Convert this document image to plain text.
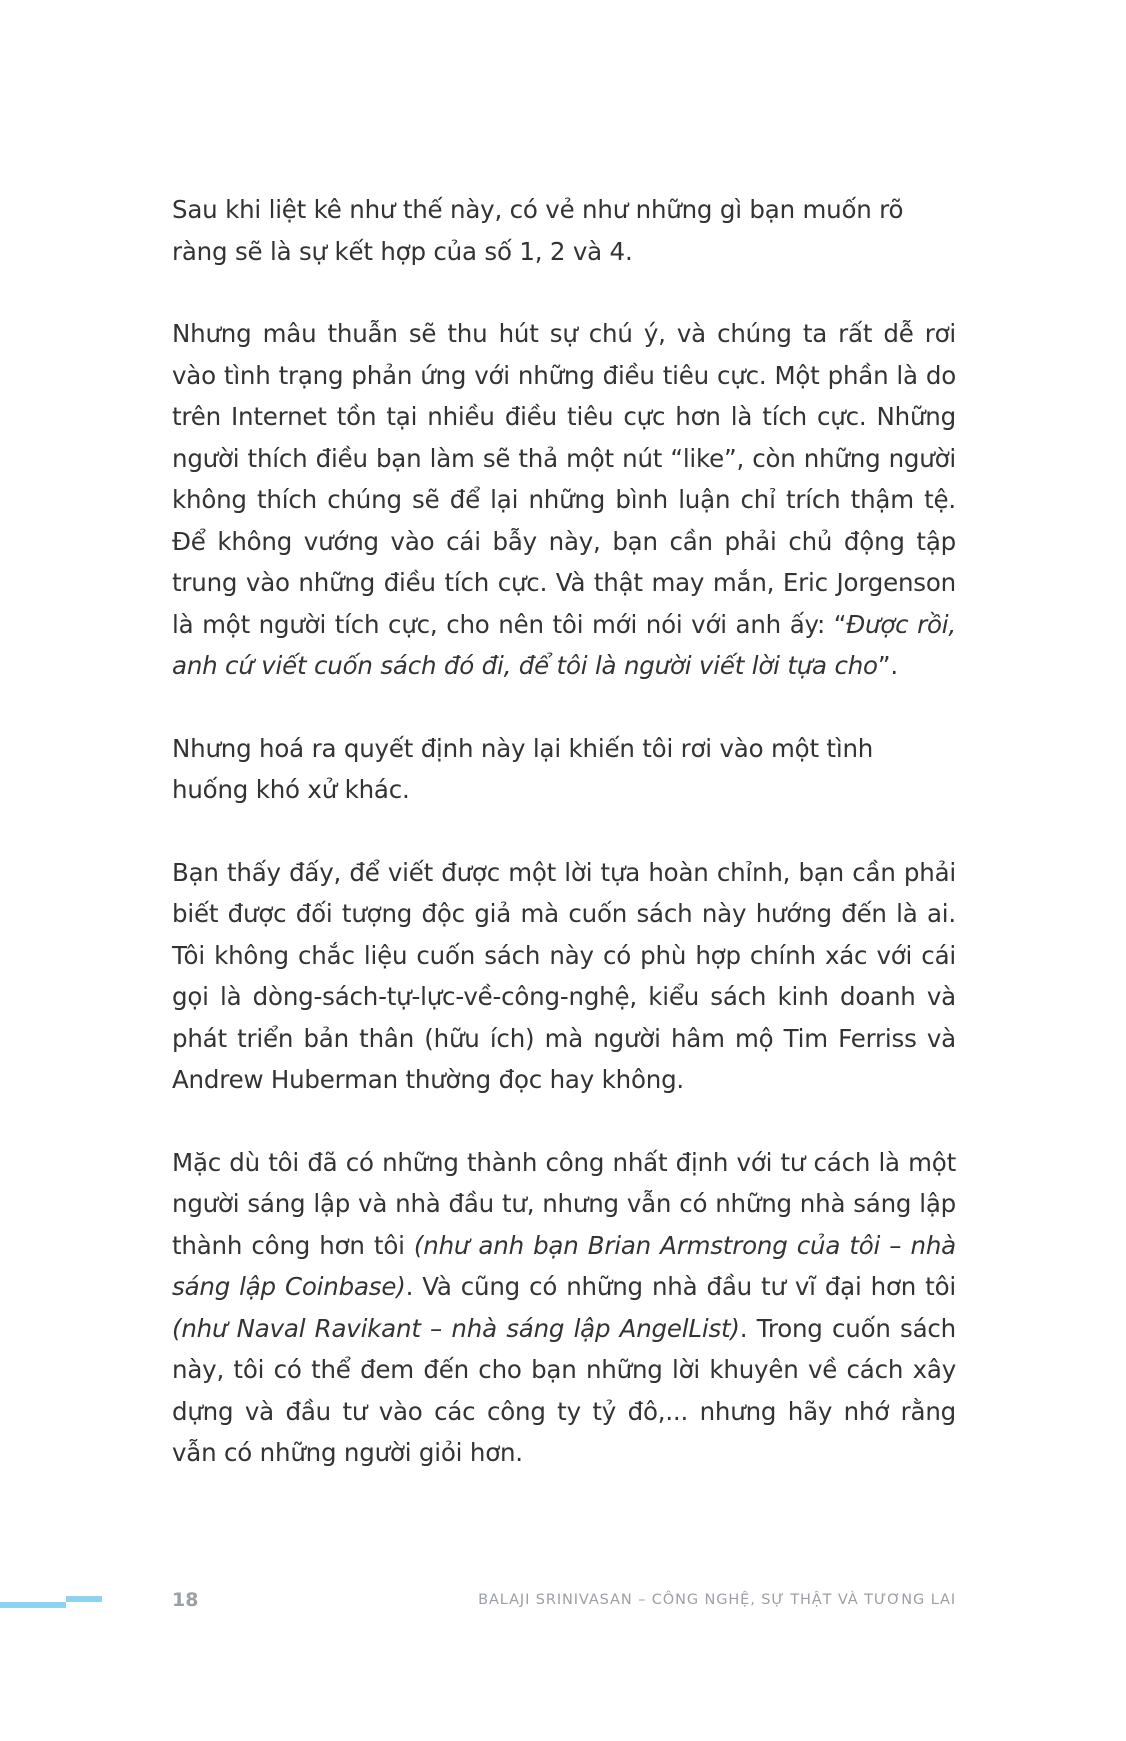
Sau khi liệt kê như thế này, có vẻ như những gì bạn muốn rõ ràng sẽ là sự kết hợp của số 1, 2 và 4.

Nhưng mâu thuẫn sẽ thu hút sự chú ý, và chúng ta rất dễ rơi vào tình trạng phản ứng với những điều tiêu cực. Một phần là do trên Internet tồn tại nhiều điều tiêu cực hơn là tích cực. Những người thích điều bạn làm sẽ thả một nút “like”, còn những người không thích chúng sẽ để lại những bình luận chỉ trích thậm tệ. Để không vướng vào cái bẫy này, bạn cần phải chủ động tập trung vào những điều tích cực. Và thật may mắn, Eric Jorgenson là một người tích cực, cho nên tôi mới nói với anh ấy: “Được rồi, anh cứ viết cuốn sách đó đi, để tôi là người viết lời tựa cho”.

Nhưng hoá ra quyết định này lại khiến tôi rơi vào một tình huống khó xử khác.

Bạn thấy đấy, để viết được một lời tựa hoàn chỉnh, bạn cần phải biết được đối tượng độc giả mà cuốn sách này hướng đến là ai. Tôi không chắc liệu cuốn sách này có phù hợp chính xác với cái gọi là dòng-sách-tự-lực-về-công-nghệ, kiểu sách kinh doanh và phát triển bản thân (hữu ích) mà người hâm mộ Tim Ferriss và Andrew Huberman thường đọc hay không.

Mặc dù tôi đã có những thành công nhất định với tư cách là một người sáng lập và nhà đầu tư, nhưng vẫn có những nhà sáng lập thành công hơn tôi (như anh bạn Brian Armstrong của tôi – nhà sáng lập Coinbase). Và cũng có những nhà đầu tư vĩ đại hơn tôi (như Naval Ravikant – nhà sáng lập AngelList). Trong cuốn sách này, tôi có thể đem đến cho bạn những lời khuyên về cách xây dựng và đầu tư vào các công ty tỷ đô,... nhưng hãy nhớ rằng vẫn có những người giỏi hơn.

18	BALAJI SRINIVASAN – CÔNG NGHỆ, SỰ THẬT VÀ TƯƠNG LAI
